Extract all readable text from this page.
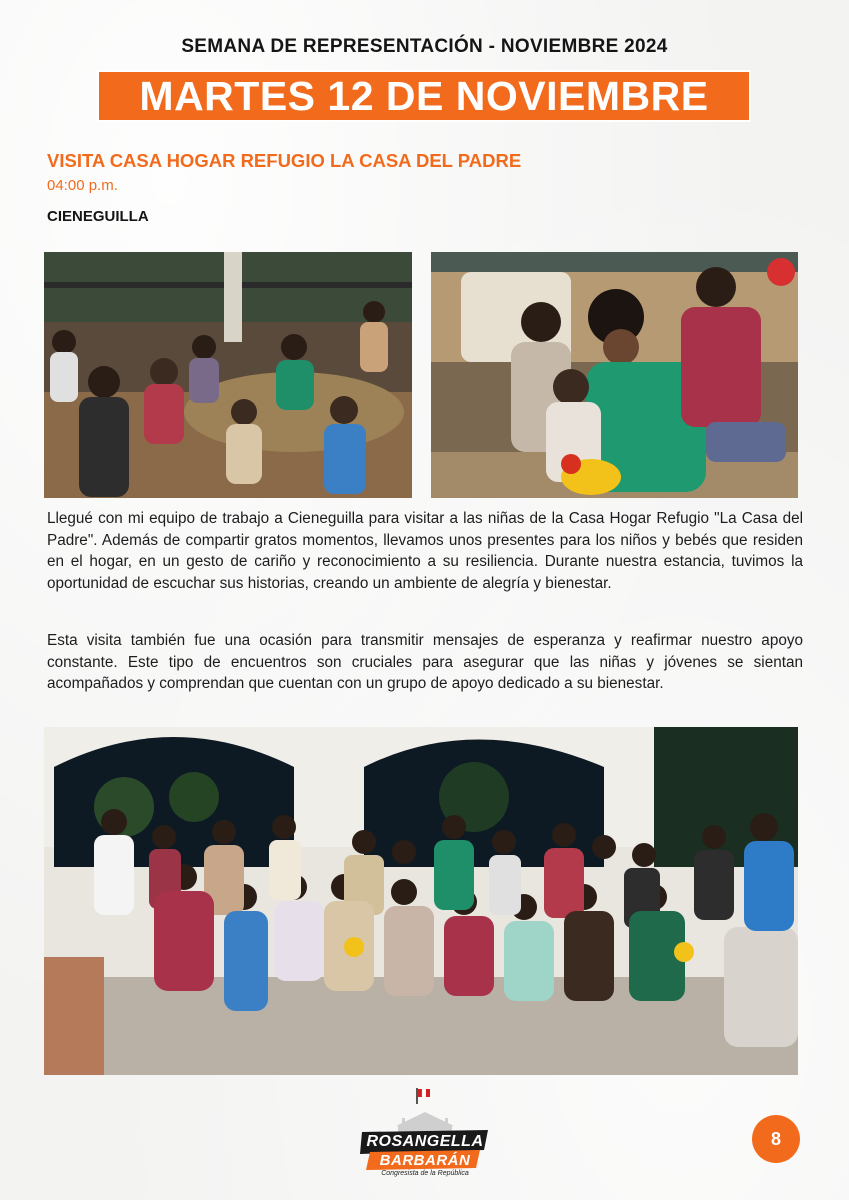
SEMANA DE REPRESENTACIÓN - NOVIEMBRE 2024
MARTES 12 DE NOVIEMBRE
VISITA CASA HOGAR REFUGIO LA CASA DEL PADRE
04:00 p.m.
CIENEGUILLA

Llegué con mi equipo de trabajo a Cieneguilla para visitar a las niñas de la Casa Hogar Refugio "La Casa del Padre". Además de compartir gratos momentos, llevamos unos presentes para los niños y bebés que residen en el hogar, en un gesto de cariño y reconocimiento a su resiliencia. Durante nuestra estancia, tuvimos la oportunidad de escuchar sus historias, creando un ambiente de alegría y bienestar.

Esta visita también fue una ocasión para transmitir mensajes de esperanza y reafirmar nuestro apoyo constante. Este tipo de encuentros son cruciales para asegurar que las niñas y jóvenes se sientan acompañados y comprendan que cuentan con un grupo de apoyo dedicado a su bienestar.

ROSANGELLA
BARBARÁN
Congresista de la República
8
